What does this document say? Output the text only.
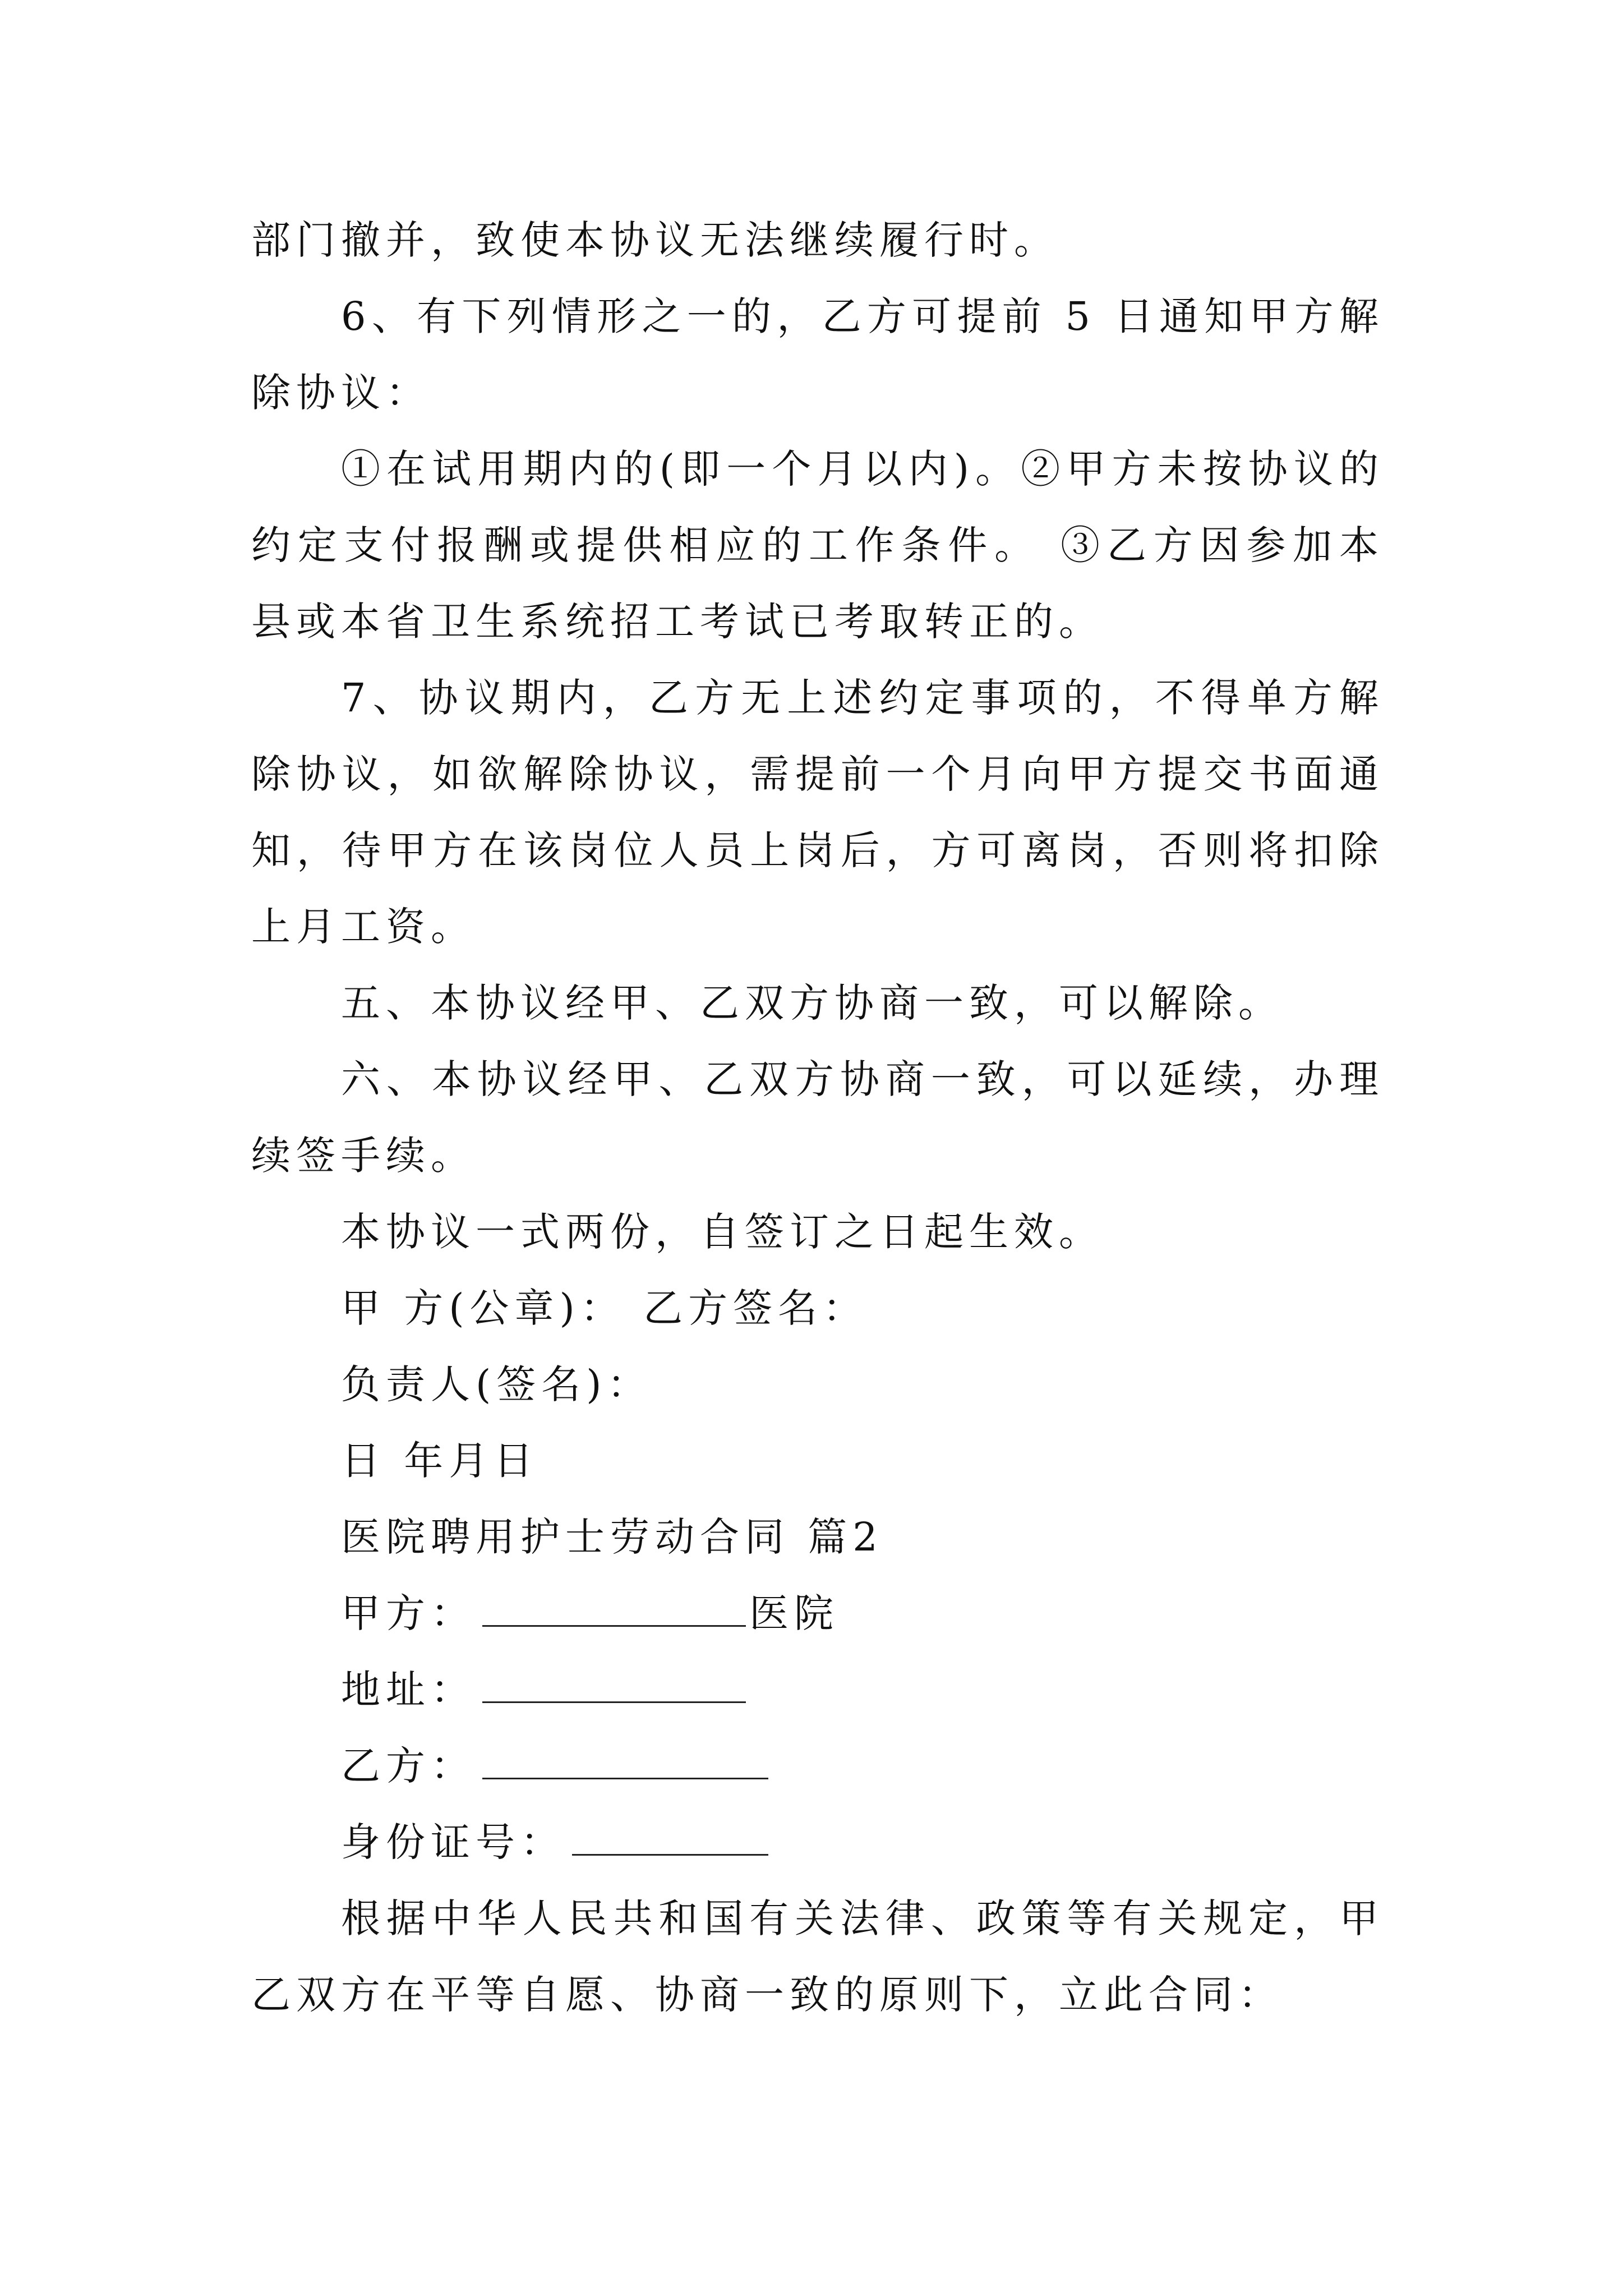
部门撤并，致使本协议无法继续履行时。

6、有下列情形之一的，乙方可提前 5 日通知甲方解除协议：

①在试用期内的(即一个月以内)。②甲方未按协议的约定支付报酬或提供相应的工作条件。 ③乙方因参加本县或本省卫生系统招工考试已考取转正的。

7、协议期内，乙方无上述约定事项的，不得单方解除协议，如欲解除协议，需提前一个月向甲方提交书面通知，待甲方在该岗位人员上岗后，方可离岗，否则将扣除上月工资。

五、本协议经甲、乙双方协商一致，可以解除。

六、本协议经甲、乙双方协商一致，可以延续，办理续签手续。

本协议一式两份，自签订之日起生效。

甲 方(公章)： 乙方签名：

负责人(签名)：

日 年月日

医院聘用护士劳动合同 篇2

甲方：	医院

地址：

乙方：

身份证号：

根据中华人民共和国有关法律、政策等有关规定，甲乙双方在平等自愿、协商一致的原则下，立此合同：
